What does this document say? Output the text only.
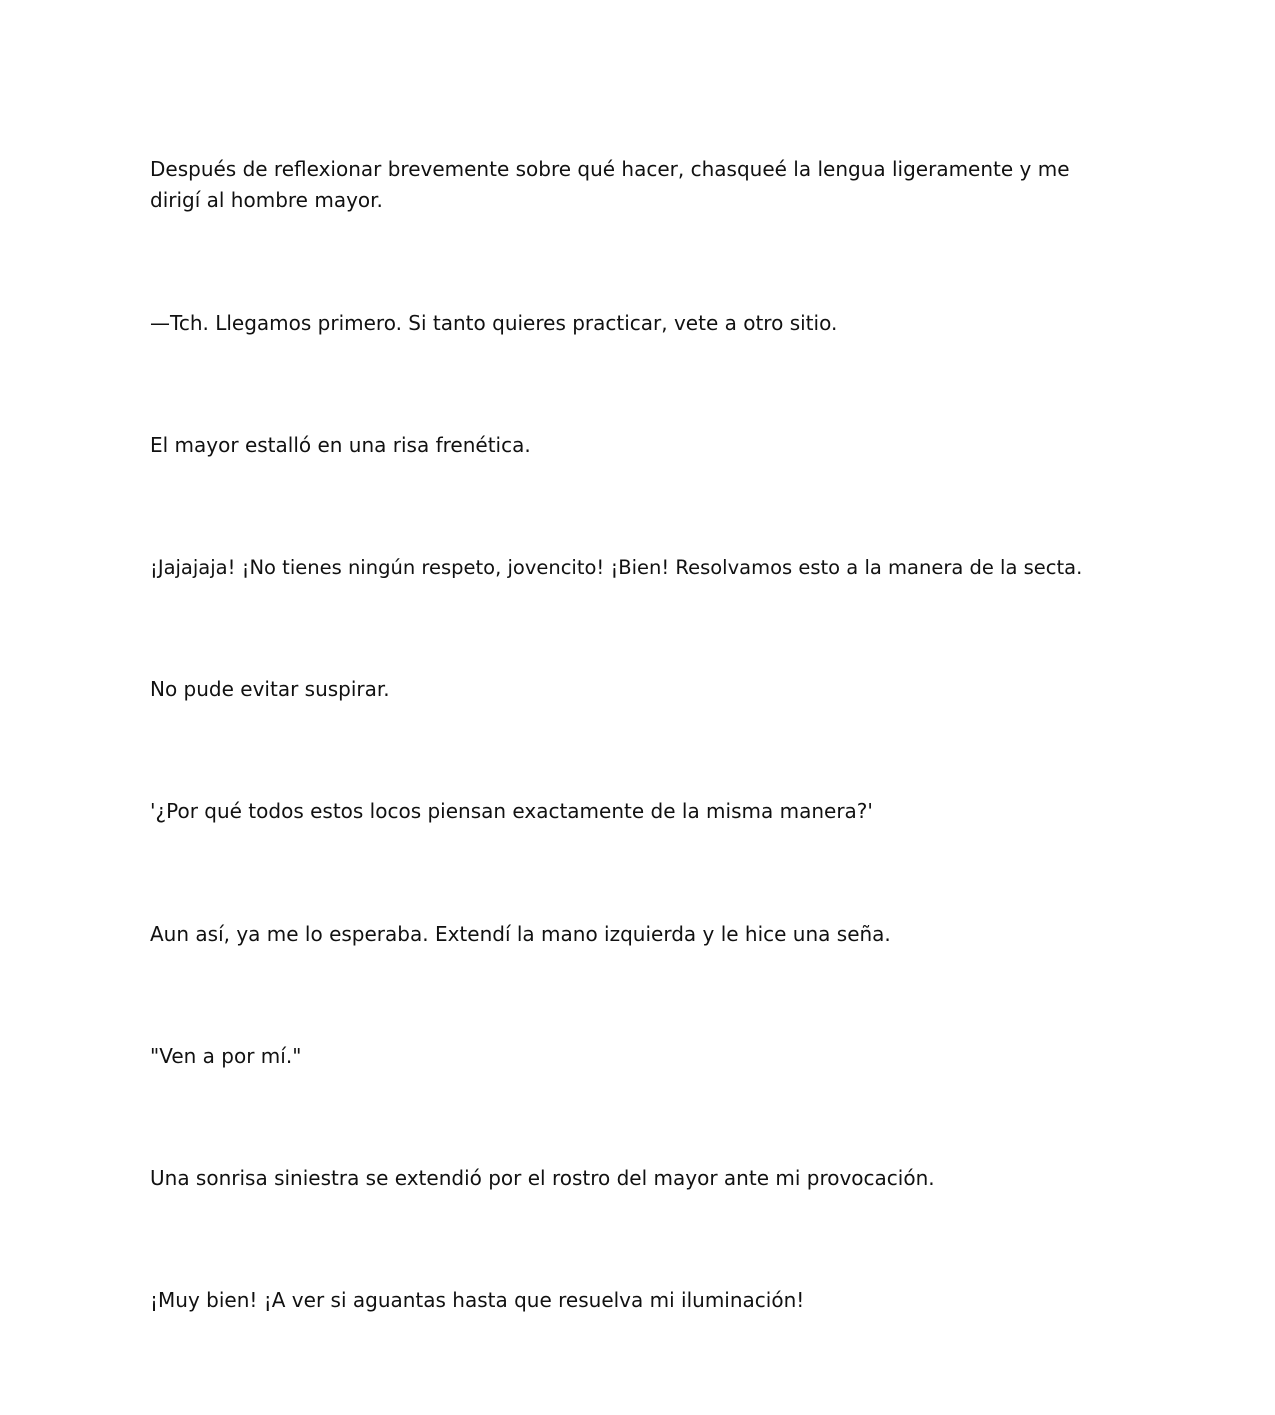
Después de reflexionar brevemente sobre qué hacer, chasqueé la lengua ligeramente y me dirigí al hombre mayor.

—Tch. Llegamos primero. Si tanto quieres practicar, vete a otro sitio.

El mayor estalló en una risa frenética.

¡Jajajaja! ¡No tienes ningún respeto, jovencito! ¡Bien! Resolvamos esto a la manera de la secta.

No pude evitar suspirar.

'¿Por qué todos estos locos piensan exactamente de la misma manera?'

Aun así, ya me lo esperaba. Extendí la mano izquierda y le hice una seña.

"Ven a por mí."

Una sonrisa siniestra se extendió por el rostro del mayor ante mi provocación.

¡Muy bien! ¡A ver si aguantas hasta que resuelva mi iluminación!
